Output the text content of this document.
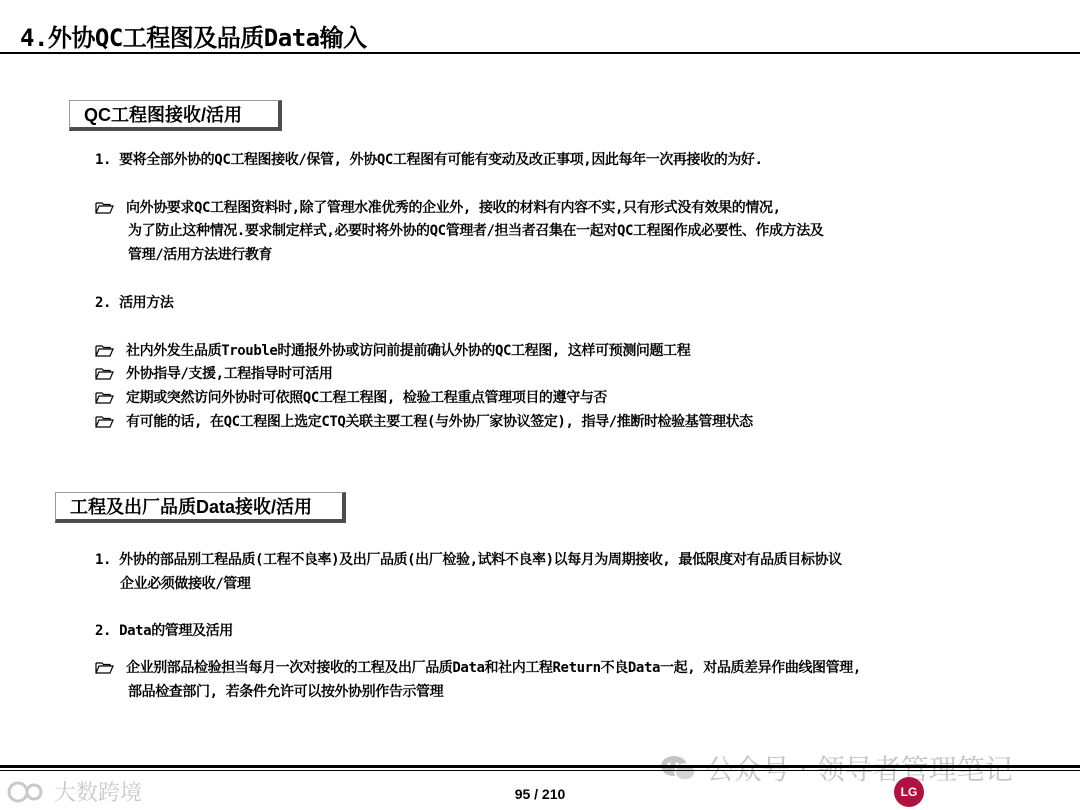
4.外协QC工程图及品质Data输入
QC工程图接收/活用
1. 要将全部外协的QC工程图接收/保管, 外协QC工程图有可能有变动及改正事项,因此每年一次再接收的为好.
向外协要求QC工程图资料时,除了管理水准优秀的企业外, 接收的材料有内容不实,只有形式没有效果的情况,
为了防止这种情况.要求制定样式,必要时将外协的QC管理者/担当者召集在一起对QC工程图作成必要性、作成方法及
管理/活用方法进行教育
2. 活用方法
社内外发生品质Trouble时通报外协或访问前提前确认外协的QC工程图, 这样可预测问题工程
外协指导/支援,工程指导时可活用
定期或突然访问外协时可依照QC工程工程图, 检验工程重点管理项目的遵守与否
有可能的话, 在QC工程图上选定CTQ关联主要工程(与外协厂家协议签定), 指导/推断时检验基管理状态
工程及出厂品质Data接收/活用
1. 外协的部品别工程品质(工程不良率)及出厂品质(出厂检验,试料不良率)以每月为周期接收, 最低限度对有品质目标协议
企业必须做接收/管理
2. Data的管理及活用
企业别部品检验担当每月一次对接收的工程及出厂品质Data和社内工程Return不良Data一起, 对品质差异作曲线图管理,
部品检查部门, 若条件允许可以按外协别作告示管理
大数跨境	95 / 210	LG
